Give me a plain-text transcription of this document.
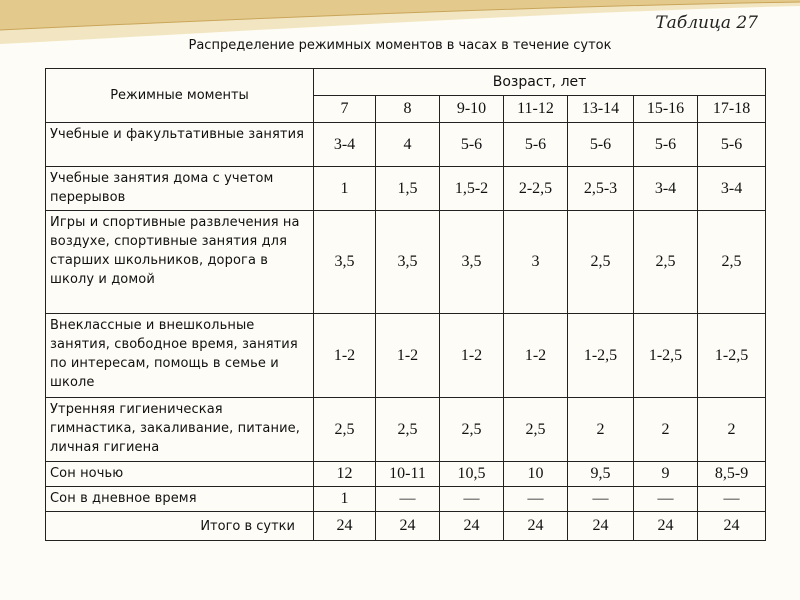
Таблица 27
Распределение режимных моментов в часах в течение суток
Режимные моменты	Возраст, лет						
	7	8	9-10	11-12	13-14	15-16	17-18
Учебные и факультативные занятия	3-4	4	5-6	5-6	5-6	5-6	5-6
Учебные занятия дома с учетом перерывов	1	1,5	1,5-2	2-2,5	2,5-3	3-4	3-4
Игры и спортивные развлечения на воздухе, спортивные занятия для старших школьников, дорога в школу и домой	3,5	3,5	3,5	3	2,5	2,5	2,5
Внеклассные и внешкольные занятия, свободное время, занятия по интересам, помощь в семье и школе	1-2	1-2	1-2	1-2	1-2,5	1-2,5	1-2,5
Утренняя гигиеническая гимнастика, закаливание, питание, личная гигиена	2,5	2,5	2,5	2,5	2	2	2
Сон ночью	12	10-11	10,5	10	9,5	9	8,5-9
Сон в дневное время	1	—	—	—	—	—	—
Итого в сутки	24	24	24	24	24	24	24
